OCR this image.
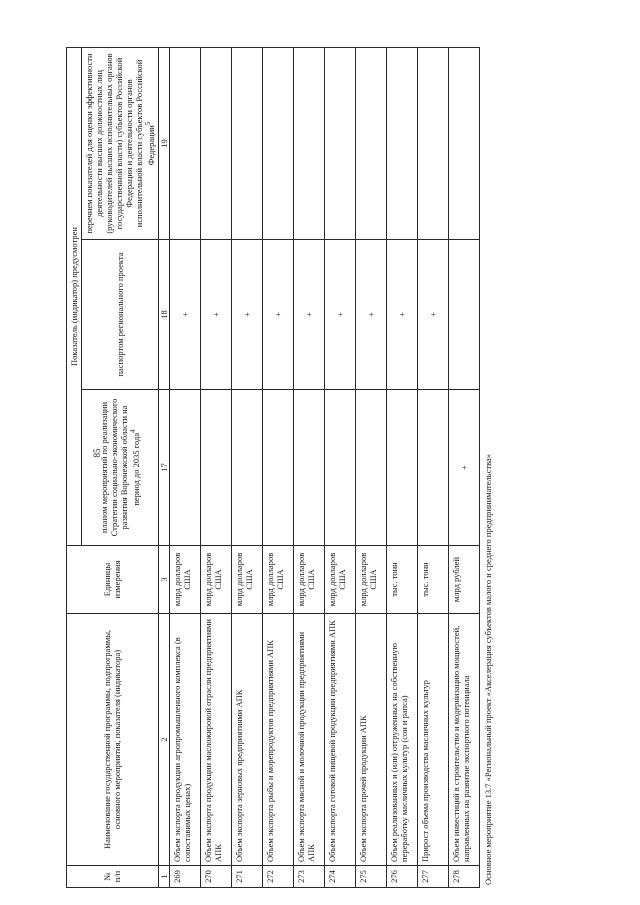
85
№ п/п	Наименование государственной программы, подпрограммы, основного мероприятия, показателя (индикатора)	Единицы измерения	Показатель (индикатор) предусмотрен		
			планом мероприятий по реализации Стратегии социально-экономического развития Воронежской области на период до 2035 года$^4$	паспортом регионального проекта	перечнем показателей для оценки эффективности деятельности высших должностных лиц (руководителей высших исполнительных органов государственной власти) субъектов Российской Федерации и деятельности органов исполнительной власти субъектов Российской Федерации$^5$
1	2	3	17	18	19
269	Объем экспорта продукции агропромышленного комплекса (в сопоставимых ценах)	млрд долларов США		+	
270	Объем экспорта продукции масложировой отрасли предприятиями АПК	млрд долларов США		+	
271	Объем экспорта зерновых предприятиями АПК	млрд долларов США		+	
272	Объем экспорта рыбы и морепродуктов предприятиями АПК	млрд долларов США		+	
273	Объем экспорта мясной и молочной продукции предприятиями АПК	млрд долларов США		+	
274	Объем экспорта готовой пищевой продукции предприятиями АПК	млрд долларов США		+	
275	Объем экспорта прочей продукции АПК	млрд долларов США		+	
276	Объем реализованных и (или) отгруженных на собственную переработку масличных культур (сои и рапса)	тыс. тонн		+	
277	Прирост объема производства масличных культур	тыс. тонн		+	
278	Объем инвестиций в строительство и модернизацию мощностей, направленных на развитие экспортного потенциала	млрд рублей	+			Основное мероприятие 13.7 «Региональный проект «Акселерация субъектов малого и среднего предпринимательства»
